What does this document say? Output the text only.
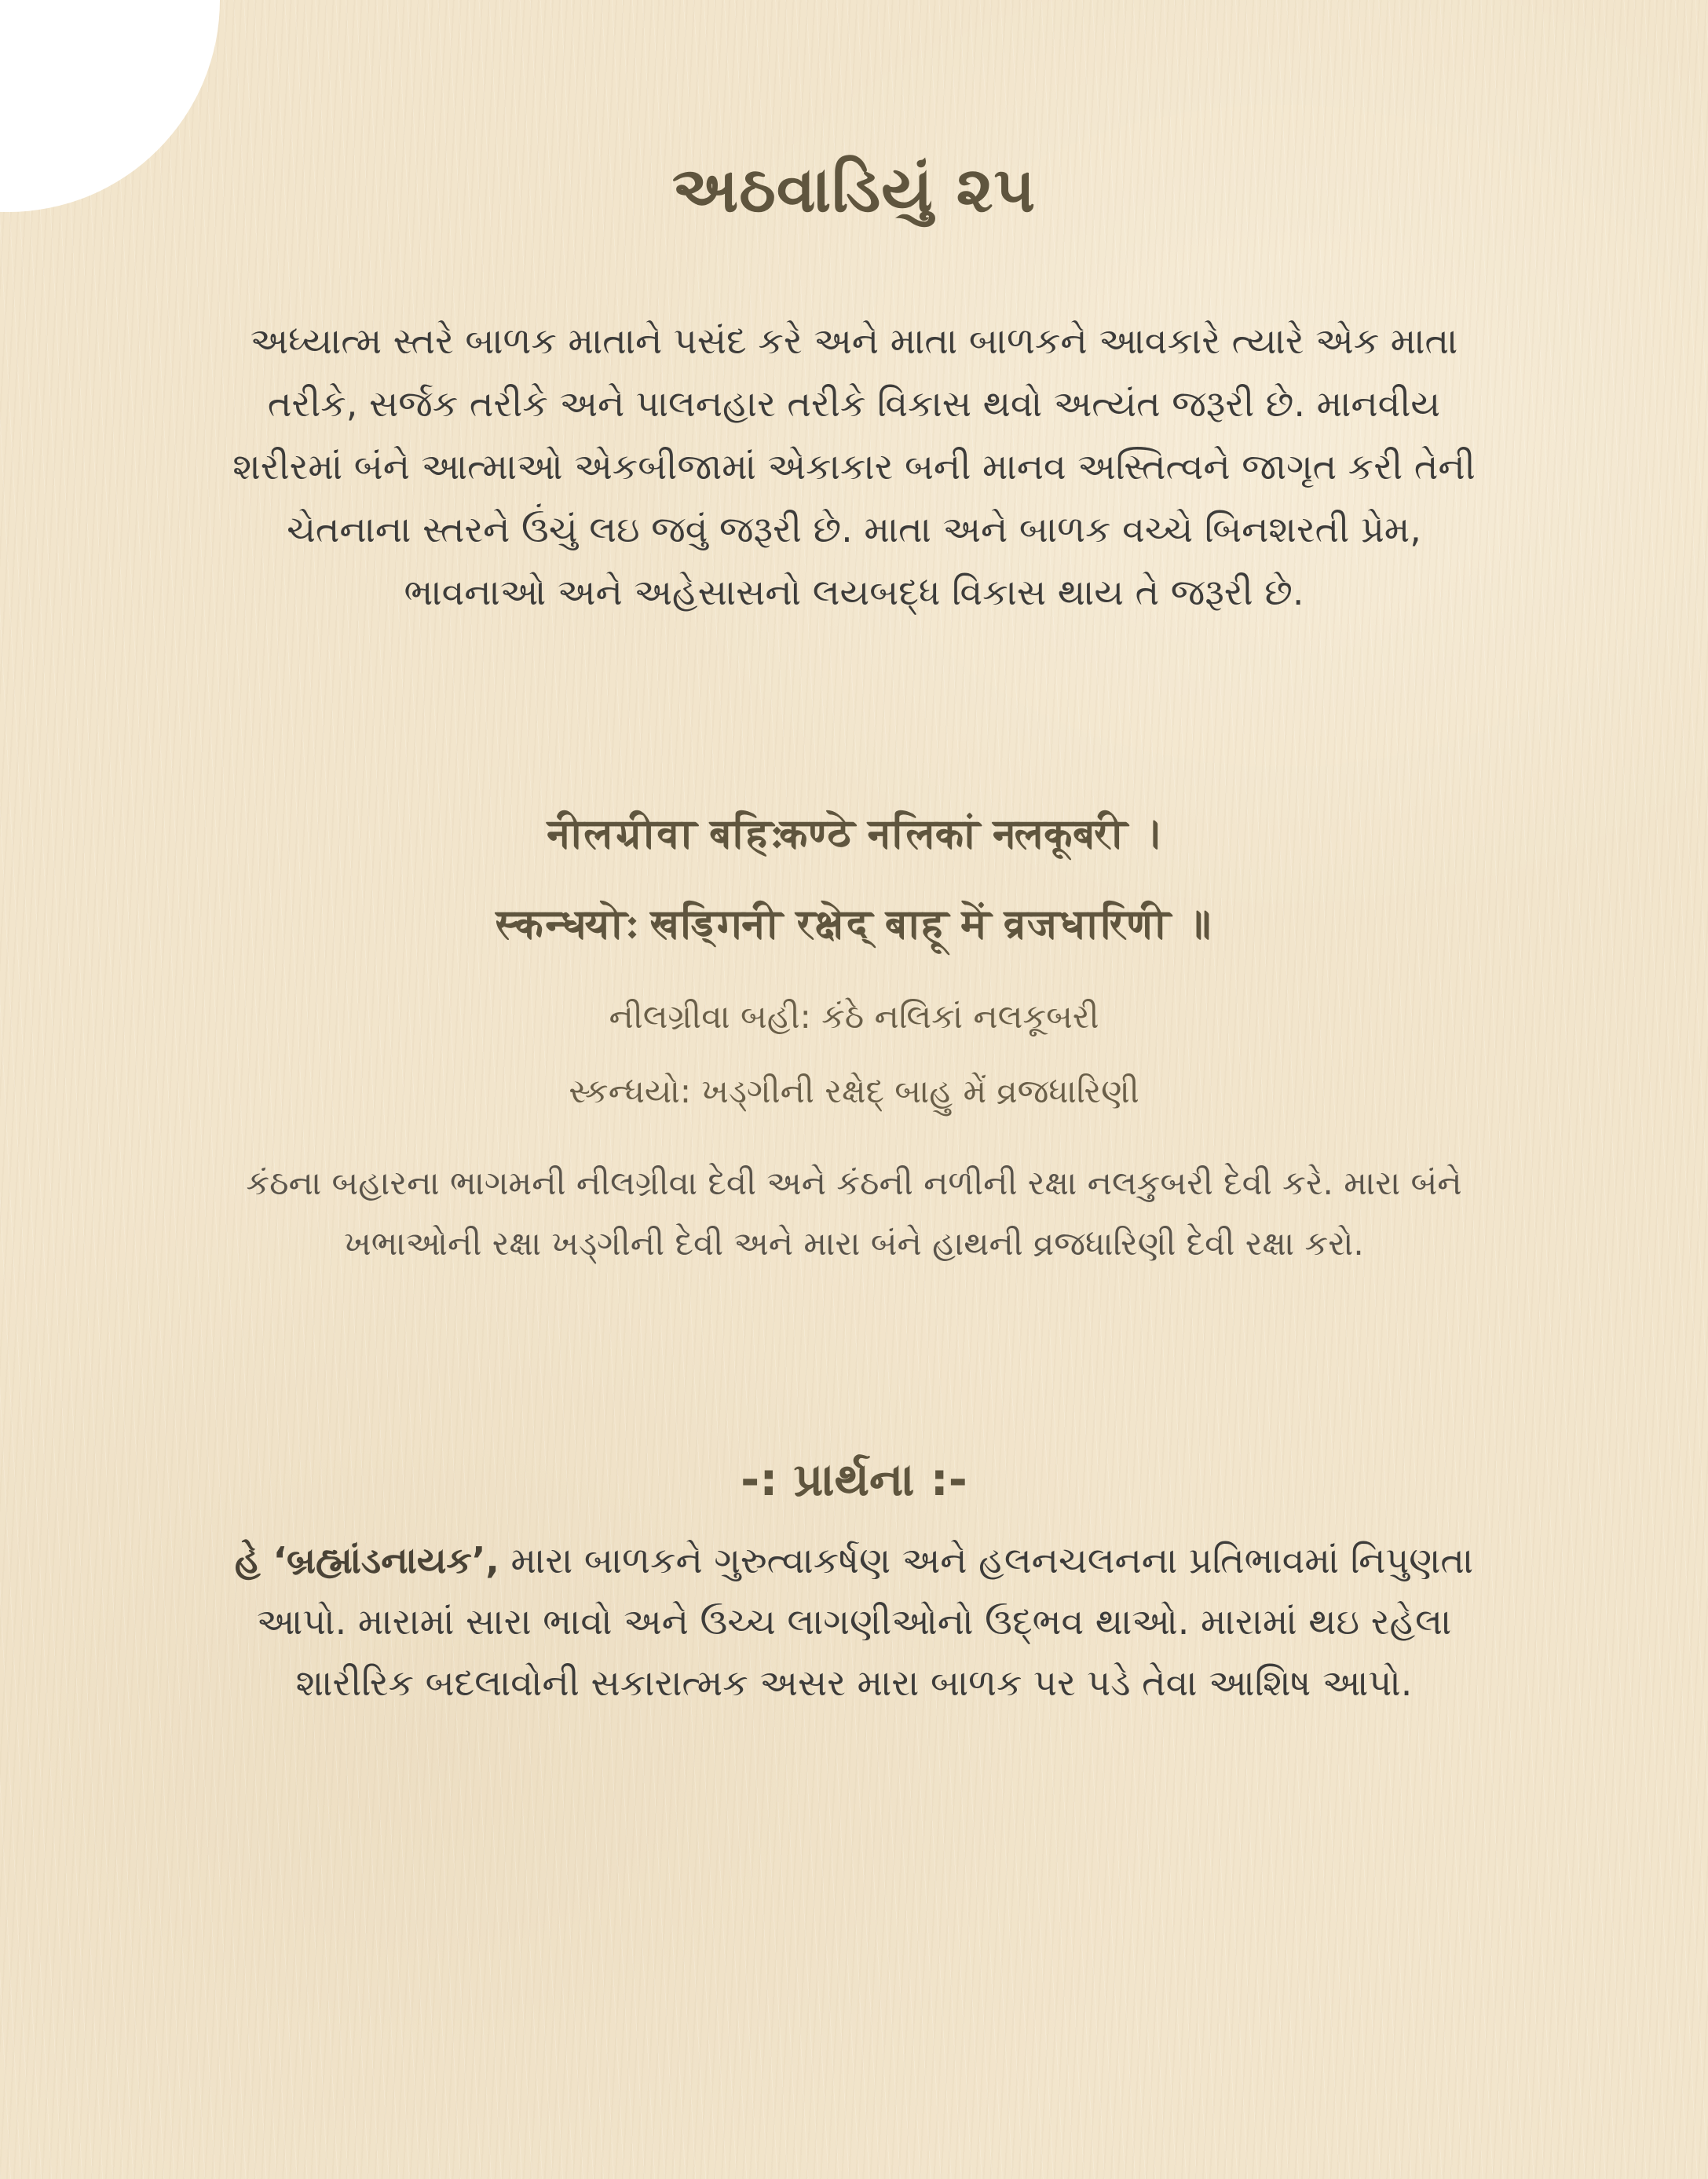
અઠવાડિયું ૨૫

અધ્યાત્મ સ્તરે બાળક માતાને પસંદ કરે અને માતા બાળકને આવકારે ત્યારે એક માતા તરીકે, સર્જક તરીકે અને પાલનહાર તરીકે વિકાસ થવો અત્યંત જરૂરી છે. માનવીય શરીરમાં બંને આત્માઓ એકબીજામાં એકાકાર બની માનવ અસ્તિત્વને જાગૃત કરી તેની ચેતનાના સ્તરને ઉંચું લઇ જવું જરૂરી છે. માતા અને બાળક વચ્ચે બિનશરતી પ્રેમ, ભાવનાઓ અને અહેસાસનો લયબદ્ધ વિકાસ થાય તે જરૂરી છે.

नीलग्रीवा बहिःकण्ठे नलिकां नलकूबरी ।

स्कन्धयोः खड्गिनी रक्षेद् बाहू में व्रजधारिणी ॥

નીલગ્રીવા બહી: કંઠે નલિકાં નલકૂબરી

સ્કન્ધયો: ખડ્ગીની રક્ષેદ્ બાહુ મેં વ્રજધારિણી

કંઠના બહારના ભાગમની નીલગ્રીવા દેવી અને કંઠની નળીની રક્ષા નલકુબરી દેવી કરે. મારા બંને ખભાઓની રક્ષા ખડ્ગીની દેવી અને મારા બંને હાથની વ્રજધારિણી દેવી રક્ષા કરો.

-: પ્રાર્થના :-

હે ‘બ્રહ્માંડનાયક’, મારા બાળકને ગુરુત્વાકર્ષણ અને હલનચલનના પ્રતિભાવમાં નિપુણતા આપો. મારામાં સારા ભાવો અને ઉચ્ચ લાગણીઓનો ઉદ્ભવ થાઓ. મારામાં થઇ રહેલા શારીરિક બદલાવોની સકારાત્મક અસર મારા બાળક પર પડે તેવા આશિષ આપો.
